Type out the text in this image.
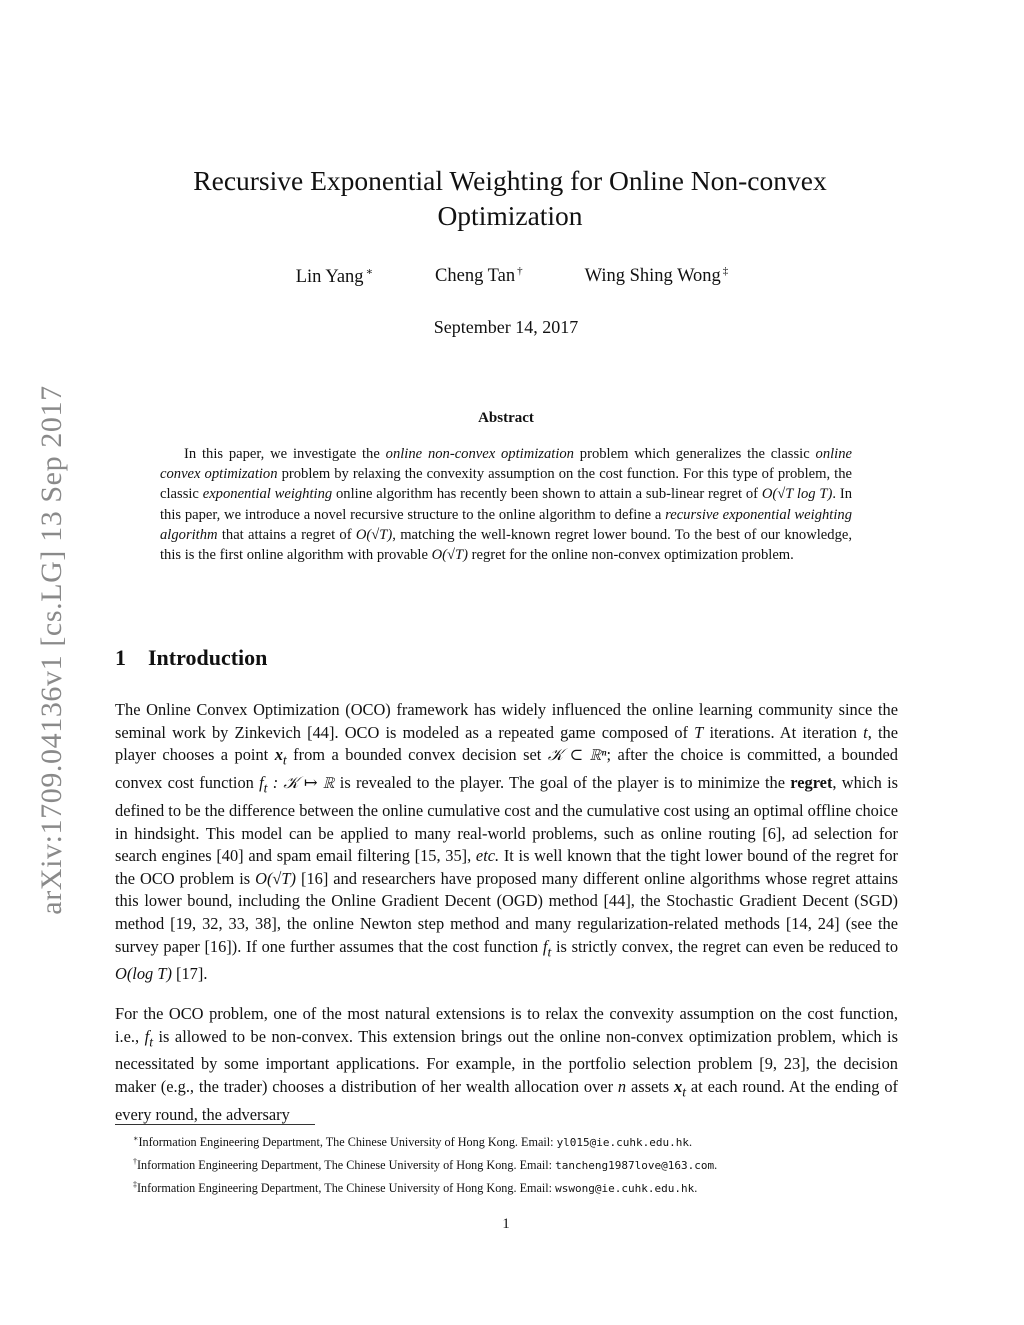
arXiv:1709.04136v1 [cs.LG] 13 Sep 2017
Recursive Exponential Weighting for Online Non-convex Optimization
Lin Yang ∗	Cheng Tan †	Wing Shing Wong ‡
September 14, 2017
Abstract
In this paper, we investigate the online non-convex optimization problem which generalizes the classic online convex optimization problem by relaxing the convexity assumption on the cost function. For this type of problem, the classic exponential weighting online algorithm has recently been shown to attain a sub-linear regret of O(√T log T). In this paper, we introduce a novel recursive structure to the online algorithm to define a recursive exponential weighting algorithm that attains a regret of O(√T), matching the well-known regret lower bound. To the best of our knowledge, this is the first online algorithm with provable O(√T) regret for the online non-convex optimization problem.
1 Introduction
The Online Convex Optimization (OCO) framework has widely influenced the online learning community since the seminal work by Zinkevich [44]. OCO is modeled as a repeated game composed of T iterations. At iteration t, the player chooses a point $x_t$ from a bounded convex decision set 𝒦 ⊂ ℝⁿ; after the choice is committed, a bounded convex cost function $f_t$ : 𝒦 ↦ ℝ is revealed to the player. The goal of the player is to minimize the regret, which is defined to be the difference between the online cumulative cost and the cumulative cost using an optimal offline choice in hindsight. This model can be applied to many real-world problems, such as online routing [6], ad selection for search engines [40] and spam email filtering [15, 35], etc. It is well known that the tight lower bound of the regret for the OCO problem is O(√T) [16] and researchers have proposed many different online algorithms whose regret attains this lower bound, including the Online Gradient Decent (OGD) method [44], the Stochastic Gradient Decent (SGD) method [19, 32, 33, 38], the online Newton step method and many regularization-related methods [14, 24] (see the survey paper [16]). If one further assumes that the cost function $f_t$ is strictly convex, the regret can even be reduced to O(log T) [17].
For the OCO problem, one of the most natural extensions is to relax the convexity assumption on the cost function, i.e., $f_t$ is allowed to be non-convex. This extension brings out the online non-convex optimization problem, which is necessitated by some important applications. For example, in the portfolio selection problem [9, 23], the decision maker (e.g., the trader) chooses a distribution of her wealth allocation over n assets $x_t$ at each round. At the ending of every round, the adversary
∗Information Engineering Department, The Chinese University of Hong Kong. Email: yl015@ie.cuhk.edu.hk.
†Information Engineering Department, The Chinese University of Hong Kong. Email: tancheng1987love@163.com.
‡Information Engineering Department, The Chinese University of Hong Kong. Email: wswong@ie.cuhk.edu.hk.
1
